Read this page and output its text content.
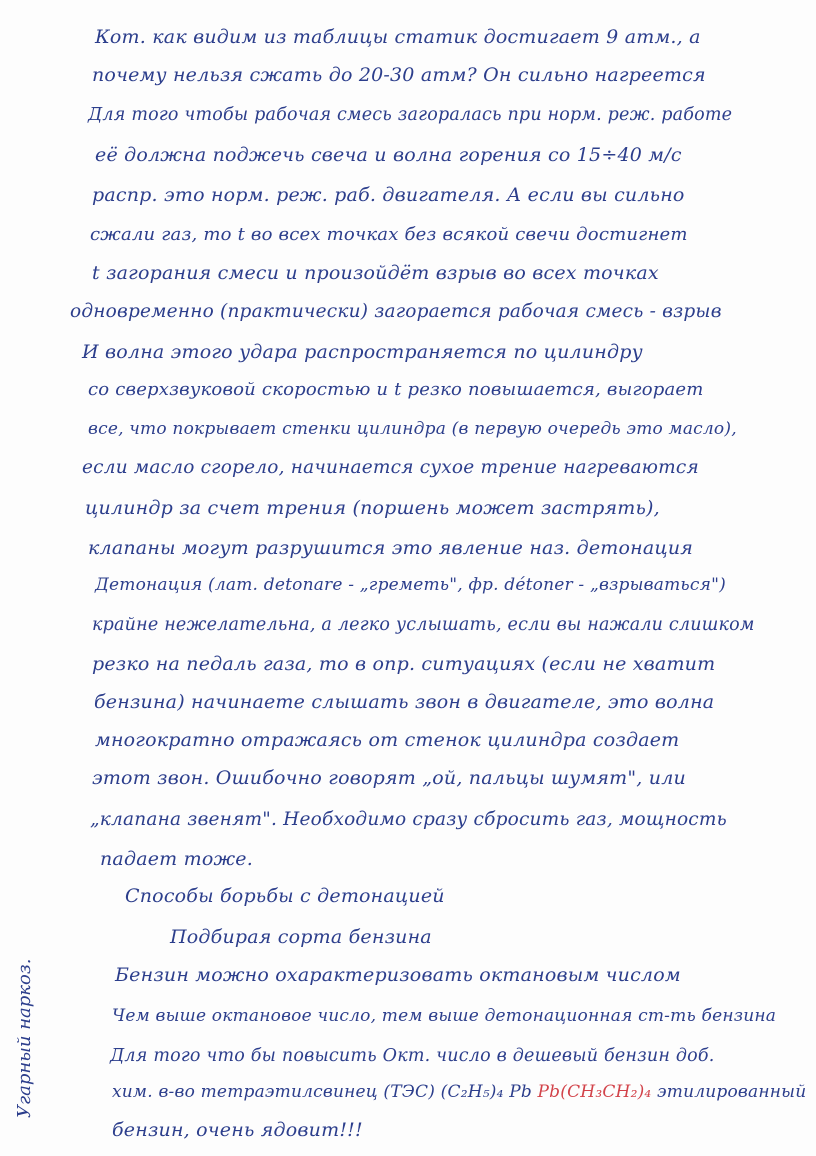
Кот. как видим из таблицы статик достигает 9 атм., а
почему нельзя сжать до 20-30 атм? Он сильно нагреется
Для того чтобы рабочая смесь загоралась при норм. реж. работе
её должна поджечь свеча и волна горения со 15÷40 м/с
распр. это норм. реж. раб. двигателя. А если вы сильно
сжали газ, то t во всех точках без всякой свечи достигнет
t загорания смеси и произойдёт взрыв во всех точках
одновременно (практически) загорается рабочая смесь - взрыв
И волна этого удара распространяется по цилиндру
со сверхзвуковой скоростью и t резко повышается, выгорает
все, что покрывает стенки цилиндра (в первую очередь это масло),
если масло сгорело, начинается сухое трение нагреваются
цилиндр за счет трения (поршень может застрять),
клапаны могут разрушится это явление наз. детонация
Детонация (лат. detonare - „греметь", фр. détoner - „взрываться")
крайне нежелательна, а легко услышать, если вы нажали слишком
резко на педаль газа, то в опр. ситуациях (если не хватит
бензина) начинаете слышать звон в двигателе, это волна
многократно отражаясь от стенок цилиндра создает
этот звон. Ошибочно говорят „ой, пальцы шумят", или
„клапана звенят". Необходимо сразу сбросить газ, мощность
падает тоже.
Способы борьбы с детонацией
Подбирая сорта бензина
Бензин можно охарактеризовать октановым числом
Чем выше октановое число, тем выше детонационная ст-ть бензина
Для того что бы повысить Окт. число в дешевый бензин доб.
хим. в-во тетраэтилсвинец (ТЭС) (C₂H₅)₄ Pb Pb(CH₃CH₂)₄ этилированный
бензин, очень ядовит!!!
Угарный наркоз.
